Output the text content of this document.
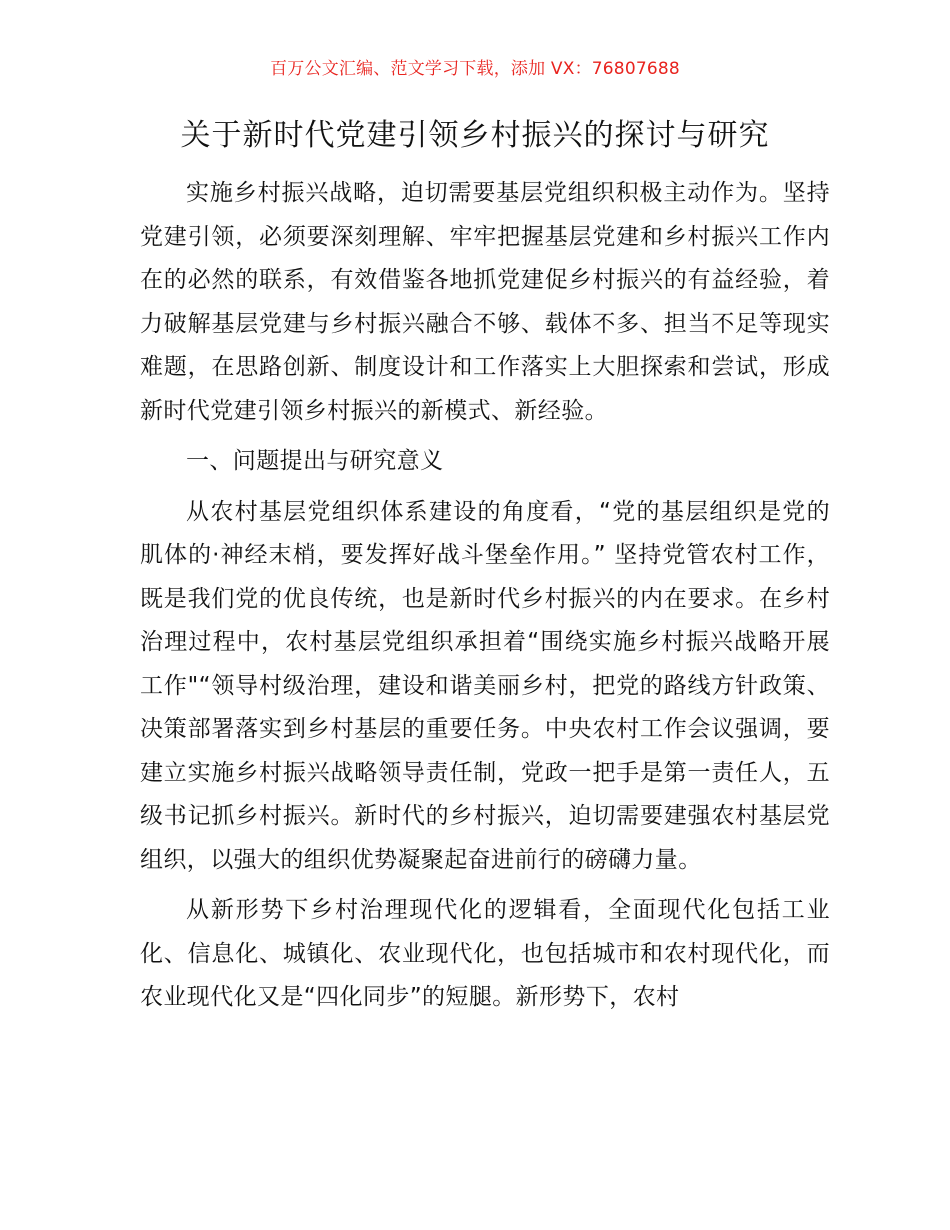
百万公文汇编、范文学习下载，添加 VX：76807688
关于新时代党建引领乡村振兴的探讨与研究

实施乡村振兴战略，迫切需要基层党组织积极主动作为。坚持党建引领，必须要深刻理解、牢牢把握基层党建和乡村振兴工作内在的必然的联系，有效借鉴各地抓党建促乡村振兴的有益经验，着力破解基层党建与乡村振兴融合不够、载体不多、担当不足等现实难题，在思路创新、制度设计和工作落实上大胆探索和尝试，形成新时代党建引领乡村振兴的新模式、新经验。

一、问题提出与研究意义

从农村基层党组织体系建设的角度看，“党的基层组织是党的肌体的·神经末梢，要发挥好战斗堡垒作用。” 坚持党管农村工作，既是我们党的优良传统，也是新时代乡村振兴的内在要求。在乡村治理过程中，农村基层党组织承担着“围绕实施乡村振兴战略开展工作"“领导村级治理，建设和谐美丽乡村，把党的路线方针政策、决策部署落实到乡村基层的重要任务。中央农村工作会议强调，要建立实施乡村振兴战略领导责任制，党政一把手是第一责任人，五级书记抓乡村振兴。新时代的乡村振兴，迫切需要建强农村基层党组织，以强大的组织优势凝聚起奋进前行的磅礴力量。

从新形势下乡村治理现代化的逻辑看，全面现代化包括工业化、信息化、城镇化、农业现代化，也包括城市和农村现代化，而农业现代化又是“四化同步”的短腿。新形势下，农村
